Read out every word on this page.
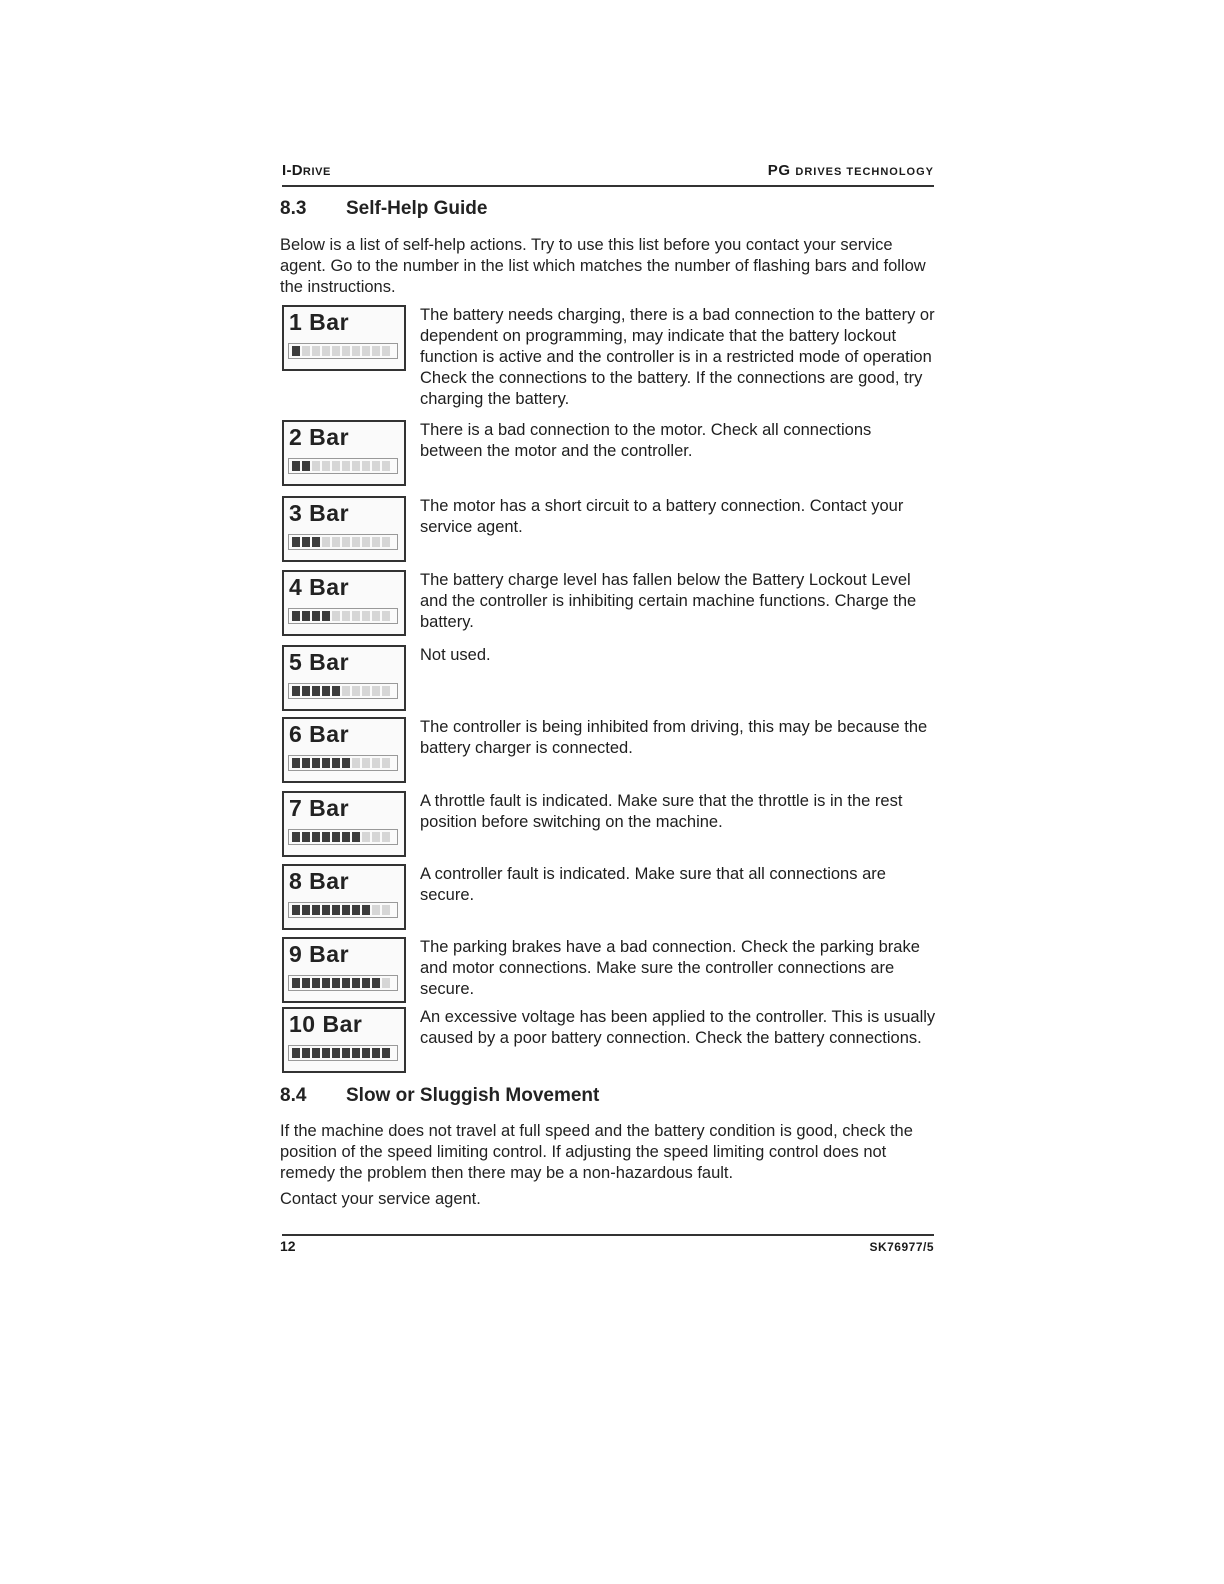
I-DRIVE	PG DRIVES TECHNOLOGY
8.3 Self-Help Guide
Below is a list of self-help actions. Try to use this list before you contact your service agent. Go to the number in the list which matches the number of flashing bars and follow the instructions.
1 Bar	The battery needs charging, there is a bad connection to the battery or dependent on programming, may indicate that the battery lockout function is active and the controller is in a restricted mode of operation Check the connections to the battery. If the connections are good, try charging the battery.
2 Bar	There is a bad connection to the motor. Check all connections between the motor and the controller.
3 Bar	The motor has a short circuit to a battery connection. Contact your service agent.
4 Bar	The battery charge level has fallen below the Battery Lockout Level and the controller is inhibiting certain machine functions. Charge the battery.
5 Bar	Not used.
6 Bar	The controller is being inhibited from driving, this may be because the battery charger is connected.
7 Bar	A throttle fault is indicated. Make sure that the throttle is in the rest position before switching on the machine.
8 Bar	A controller fault is indicated. Make sure that all connections are secure.
9 Bar	The parking brakes have a bad connection. Check the parking brake and motor connections. Make sure the controller connections are secure.
10 Bar	An excessive voltage has been applied to the controller. This is usually caused by a poor battery connection. Check the battery connections.
8.4 Slow or Sluggish Movement
If the machine does not travel at full speed and the battery condition is good, check the position of the speed limiting control. If adjusting the speed limiting control does not remedy the problem then there may be a non-hazardous fault.
Contact your service agent.
12	SK76977/5
